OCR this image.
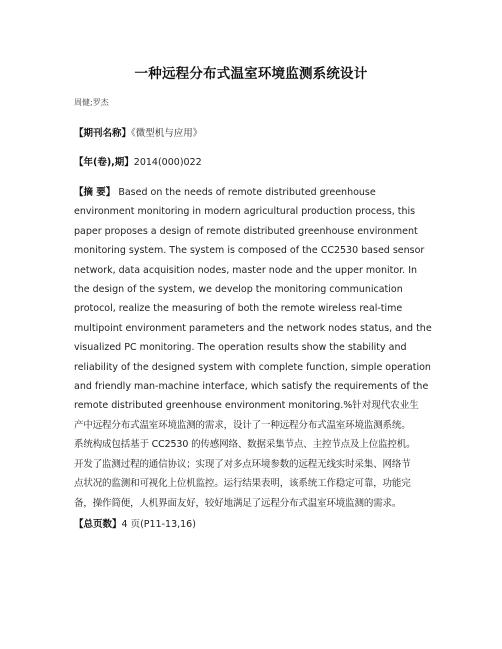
一种远程分布式温室环境监测系统设计
周健;罗杰
【期刊名称】《微型机与应用》
【年(卷),期】2014(000)022
【摘 要】 Based on the needs of remote distributed greenhouse
environment monitoring in modern agricultural production process, this
paper proposes a design of remote distributed greenhouse environment
monitoring system. The system is composed of the CC2530 based sensor
network, data acquisition nodes, master node and the upper monitor. In
the design of the system, we develop the monitoring communication
protocol, realize the measuring of both the remote wireless real-time
multipoint environment parameters and the network nodes status, and the
visualized PC monitoring. The operation results show the stability and
reliability of the designed system with complete function, simple operation
and friendly man-machine interface, which satisfy the requirements of the
remote distributed greenhouse environment monitoring.%针对现代农业生
产中远程分布式温室环境监测的需求，设计了一种远程分布式温室环境监测系统。
系统构成包括基于 CC2530 的传感网络、数据采集节点、主控节点及上位监控机。
开发了监测过程的通信协议；实现了对多点环境参数的远程无线实时采集、网络节
点状况的监测和可视化上位机监控。运行结果表明，该系统工作稳定可靠，功能完
备，操作简便，人机界面友好，较好地满足了远程分布式温室环境监测的需求。
【总页数】4 页(P11-13,16)
